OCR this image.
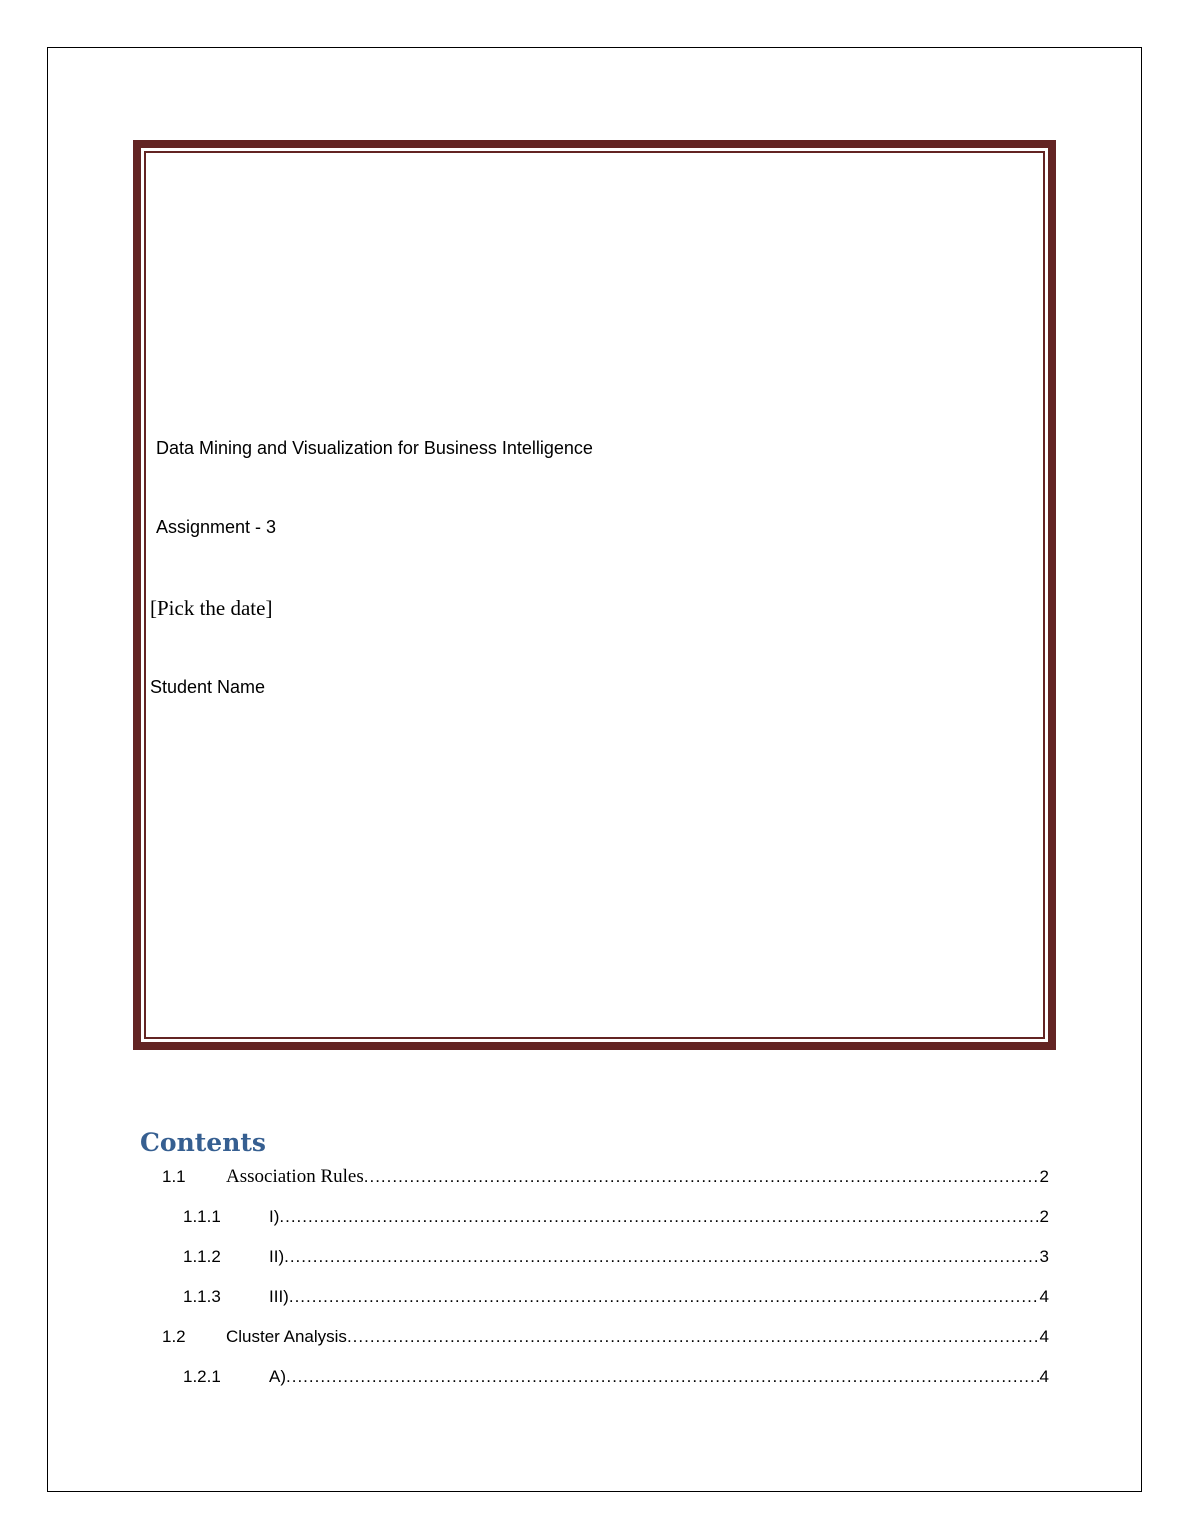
Data Mining and Visualization for Business Intelligence
Assignment - 3
[Pick the date]
Student Name
Contents
1.1	Association Rules .....	2
1.1.1	I) .....	2
1.1.2	II) .....	3
1.1.3	III) .....	4
1.2	Cluster Analysis .....	4
1.2.1	A) .....	4
